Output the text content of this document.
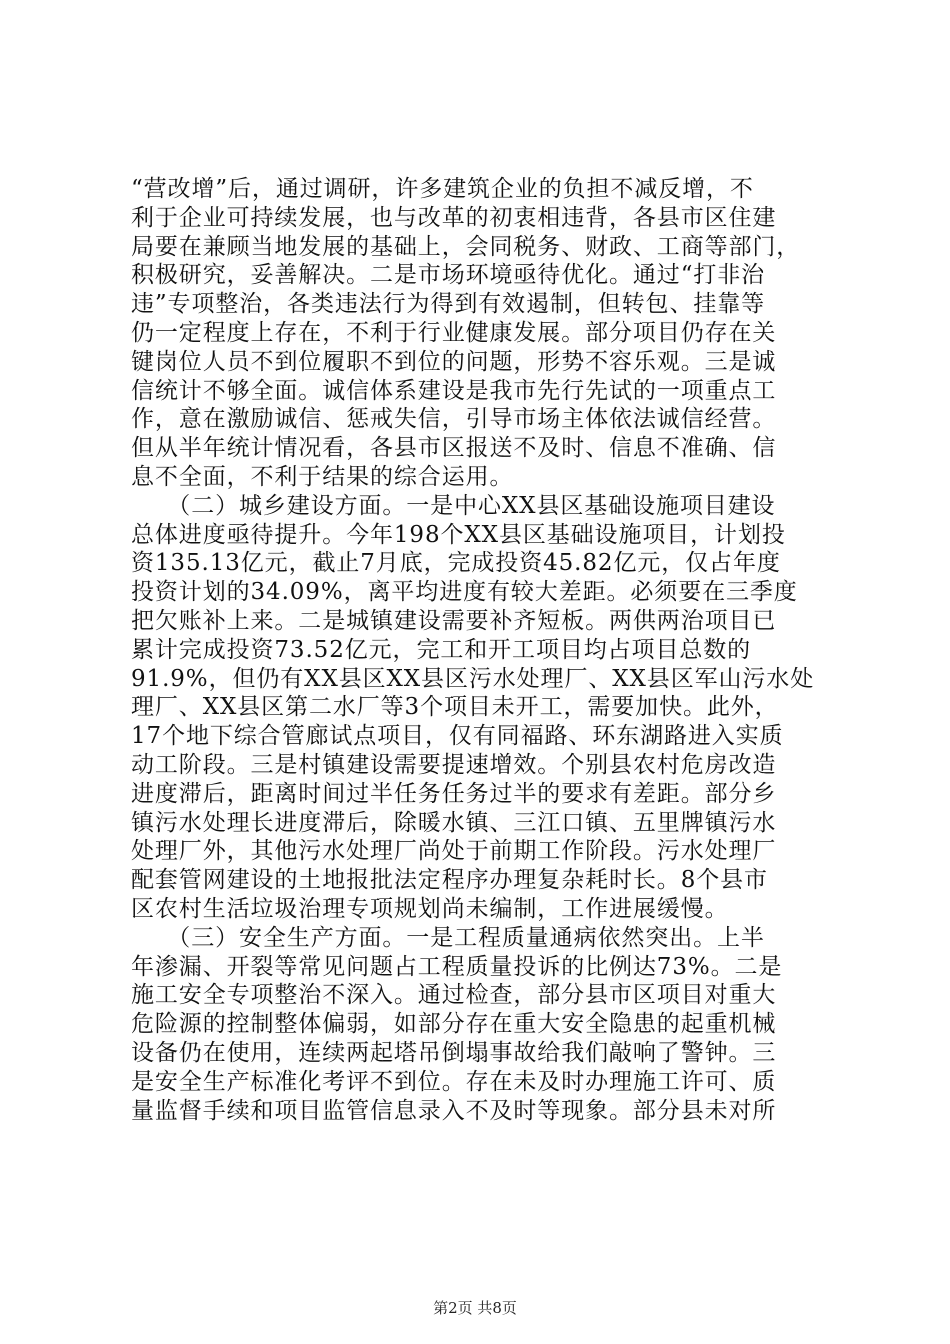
“营改增”后，通过调研，许多建筑企业的负担不减反增，不
利于企业可持续发展，也与改革的初衷相违背，各县市区住建
局要在兼顾当地发展的基础上，会同税务、财政、工商等部门，
积极研究，妥善解决。二是市场环境亟待优化。通过“打非治
违”专项整治，各类违法行为得到有效遏制，但转包、挂靠等
仍一定程度上存在，不利于行业健康发展。部分项目仍存在关
键岗位人员不到位履职不到位的问题，形势不容乐观。三是诚
信统计不够全面。诚信体系建设是我市先行先试的一项重点工
作，意在激励诚信、惩戒失信，引导市场主体依法诚信经营。
但从半年统计情况看，各县市区报送不及时、信息不准确、信
息不全面，不利于结果的综合运用。
　　（二）城乡建设方面。一是中心XX县区基础设施项目建设
总体进度亟待提升。今年198个XX县区基础设施项目，计划投
资135.13亿元，截止7月底，完成投资45.82亿元，仅占年度
投资计划的34.09%，离平均进度有较大差距。必须要在三季度
把欠账补上来。二是城镇建设需要补齐短板。两供两治项目已
累计完成投资73.52亿元，完工和开工项目均占项目总数的
91.9%，但仍有XX县区XX县区污水处理厂、XX县区军山污水处
理厂、XX县区第二水厂等3个项目未开工，需要加快。此外，
17个地下综合管廊试点项目，仅有同福路、环东湖路进入实质
动工阶段。三是村镇建设需要提速增效。个别县农村危房改造
进度滞后，距离时间过半任务任务过半的要求有差距。部分乡
镇污水处理长进度滞后，除暖水镇、三江口镇、五里牌镇污水
处理厂外，其他污水处理厂尚处于前期工作阶段。污水处理厂
配套管网建设的土地报批法定程序办理复杂耗时长。8个县市
区农村生活垃圾治理专项规划尚未编制，工作进展缓慢。
　　（三）安全生产方面。一是工程质量通病依然突出。上半
年渗漏、开裂等常见问题占工程质量投诉的比例达73%。二是
施工安全专项整治不深入。通过检查，部分县市区项目对重大
危险源的控制整体偏弱，如部分存在重大安全隐患的起重机械
设备仍在使用，连续两起塔吊倒塌事故给我们敲响了警钟。三
是安全生产标准化考评不到位。存在未及时办理施工许可、质
量监督手续和项目监管信息录入不及时等现象。部分县未对所
第2页 共8页
